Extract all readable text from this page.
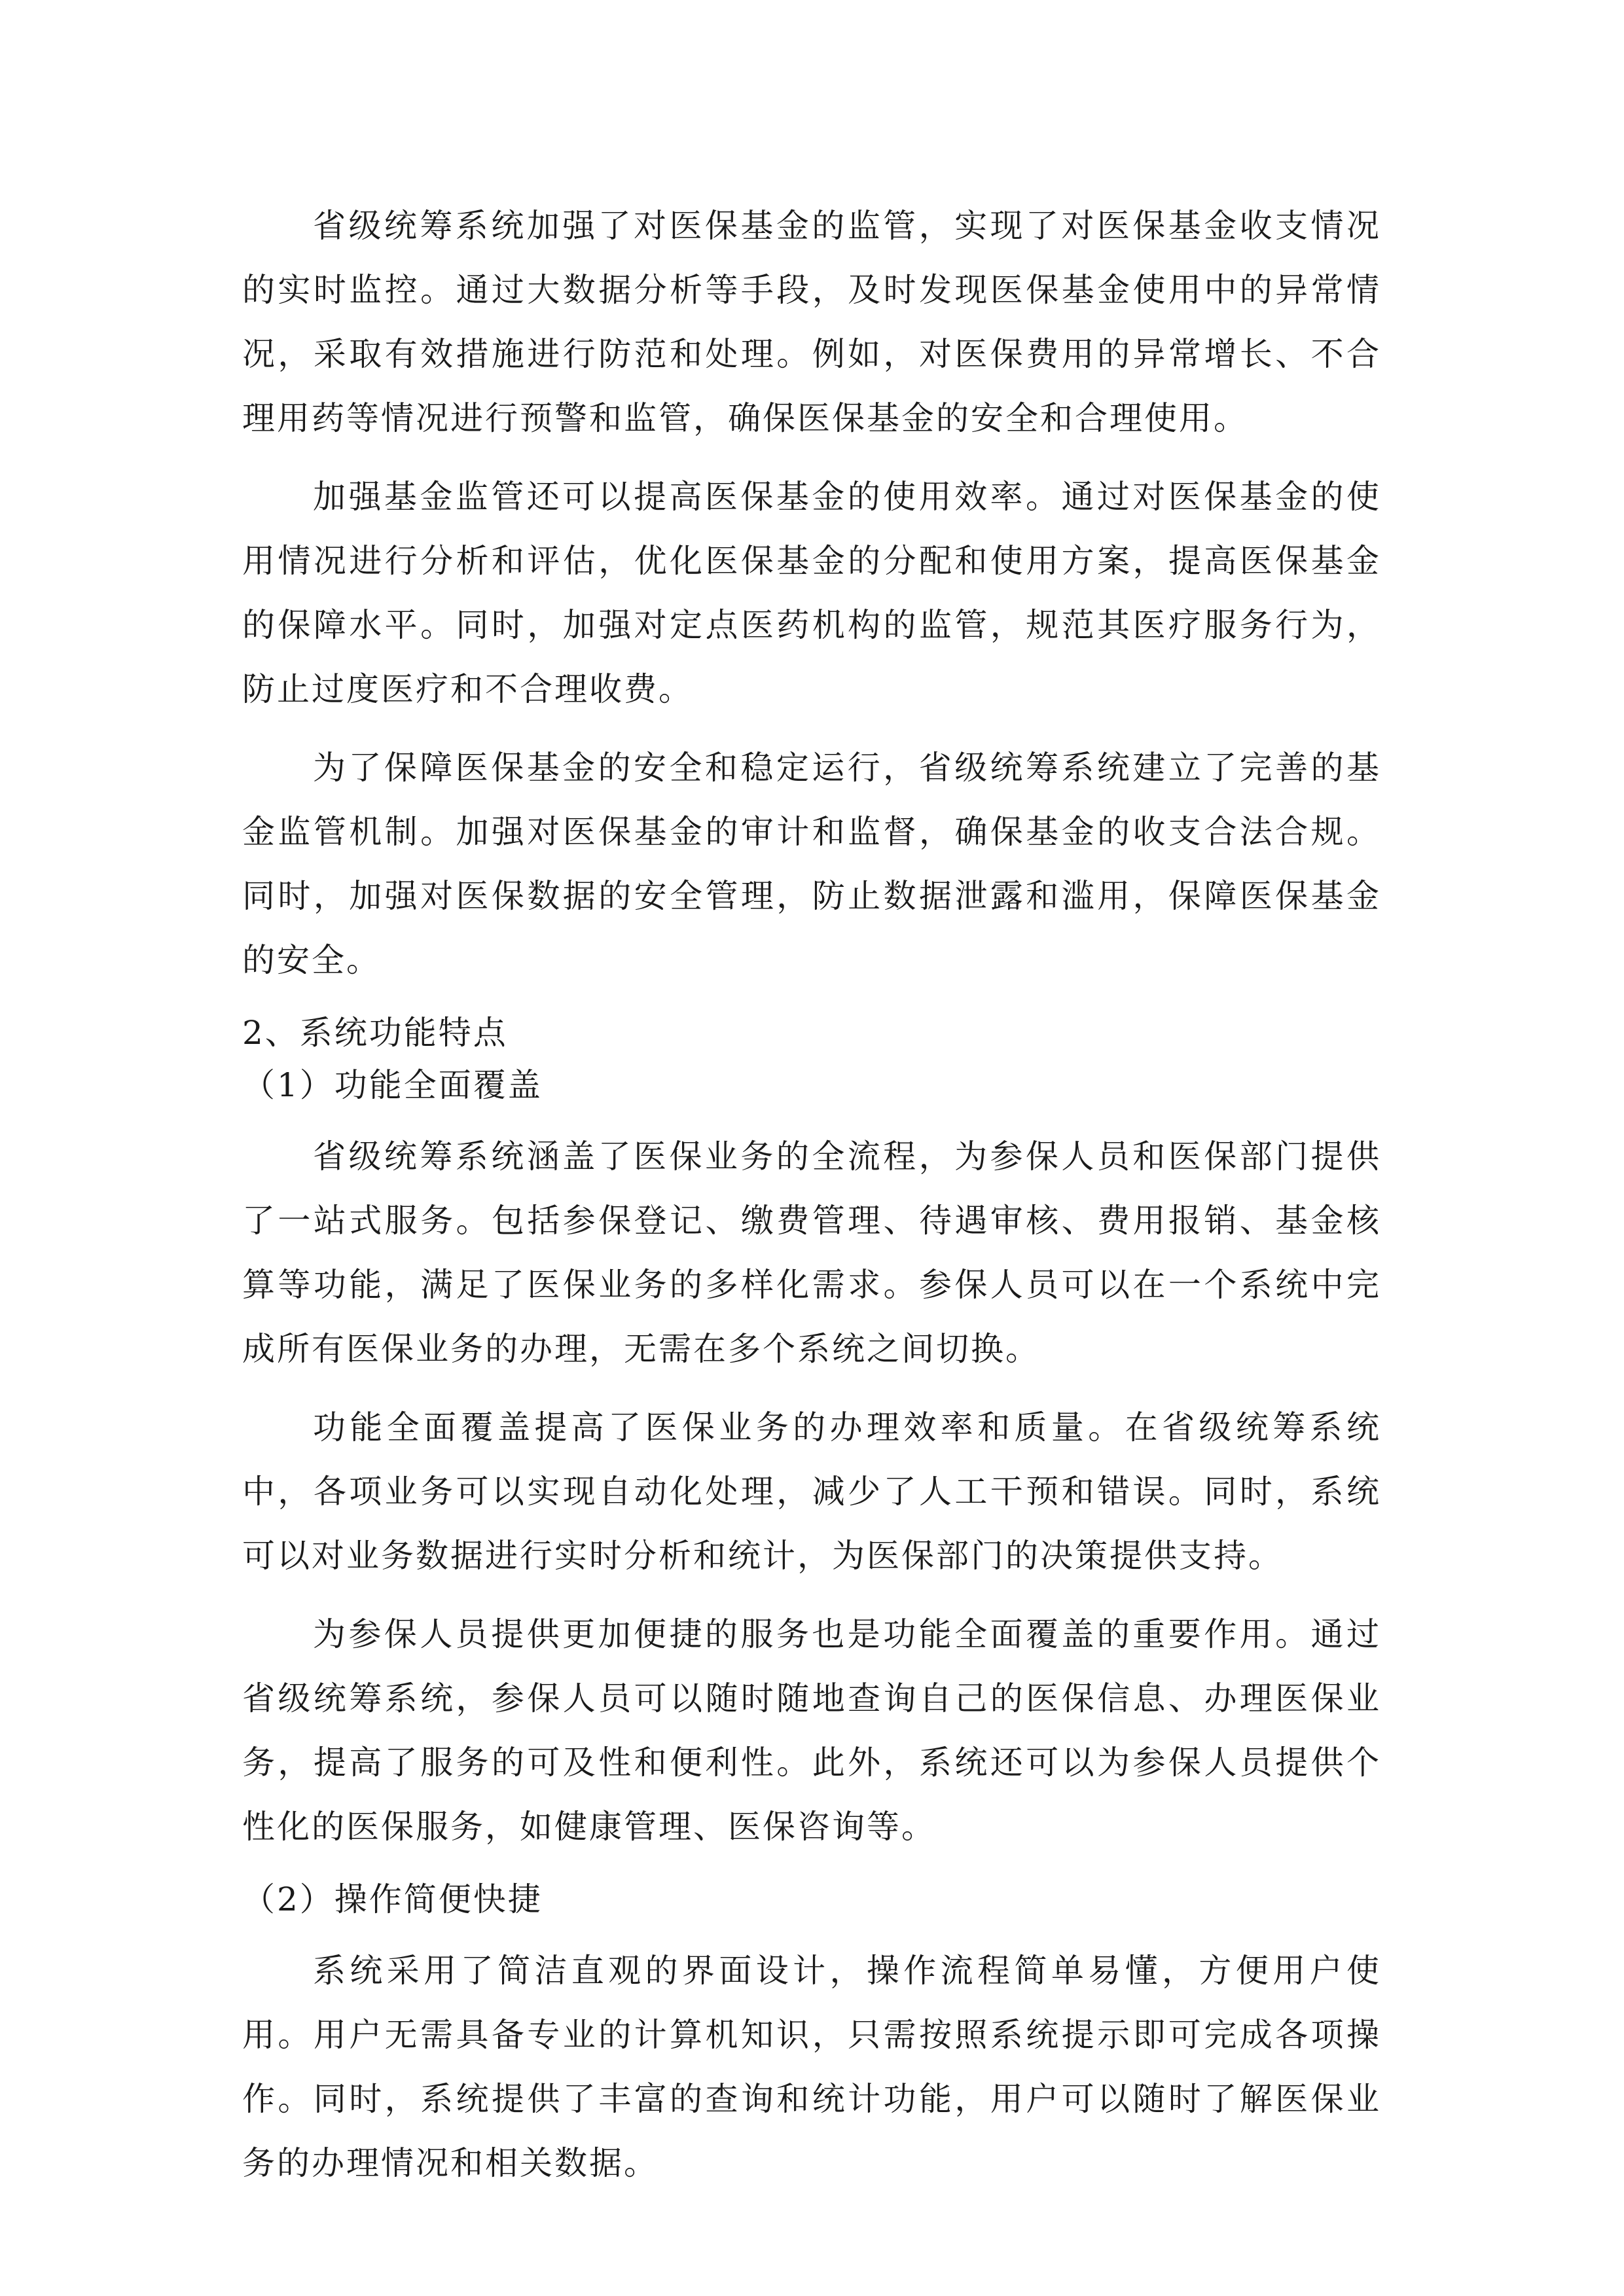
省级统筹系统加强了对医保基金的监管，实现了对医保基金收支情况的实时监控。通过大数据分析等手段，及时发现医保基金使用中的异常情况，采取有效措施进行防范和处理。例如，对医保费用的异常增长、不合理用药等情况进行预警和监管，确保医保基金的安全和合理使用。

加强基金监管还可以提高医保基金的使用效率。通过对医保基金的使用情况进行分析和评估，优化医保基金的分配和使用方案，提高医保基金的保障水平。同时，加强对定点医药机构的监管，规范其医疗服务行为，防止过度医疗和不合理收费。

为了保障医保基金的安全和稳定运行，省级统筹系统建立了完善的基金监管机制。加强对医保基金的审计和监督，确保基金的收支合法合规。同时，加强对医保数据的安全管理，防止数据泄露和滥用，保障医保基金的安全。

2、系统功能特点

（1）功能全面覆盖

省级统筹系统涵盖了医保业务的全流程，为参保人员和医保部门提供了一站式服务。包括参保登记、缴费管理、待遇审核、费用报销、基金核算等功能，满足了医保业务的多样化需求。参保人员可以在一个系统中完成所有医保业务的办理，无需在多个系统之间切换。

功能全面覆盖提高了医保业务的办理效率和质量。在省级统筹系统中，各项业务可以实现自动化处理，减少了人工干预和错误。同时，系统可以对业务数据进行实时分析和统计，为医保部门的决策提供支持。

为参保人员提供更加便捷的服务也是功能全面覆盖的重要作用。通过省级统筹系统，参保人员可以随时随地查询自己的医保信息、办理医保业务，提高了服务的可及性和便利性。此外，系统还可以为参保人员提供个性化的医保服务，如健康管理、医保咨询等。

（2）操作简便快捷

系统采用了简洁直观的界面设计，操作流程简单易懂，方便用户使用。用户无需具备专业的计算机知识，只需按照系统提示即可完成各项操作。同时，系统提供了丰富的查询和统计功能，用户可以随时了解医保业务的办理情况和相关数据。
